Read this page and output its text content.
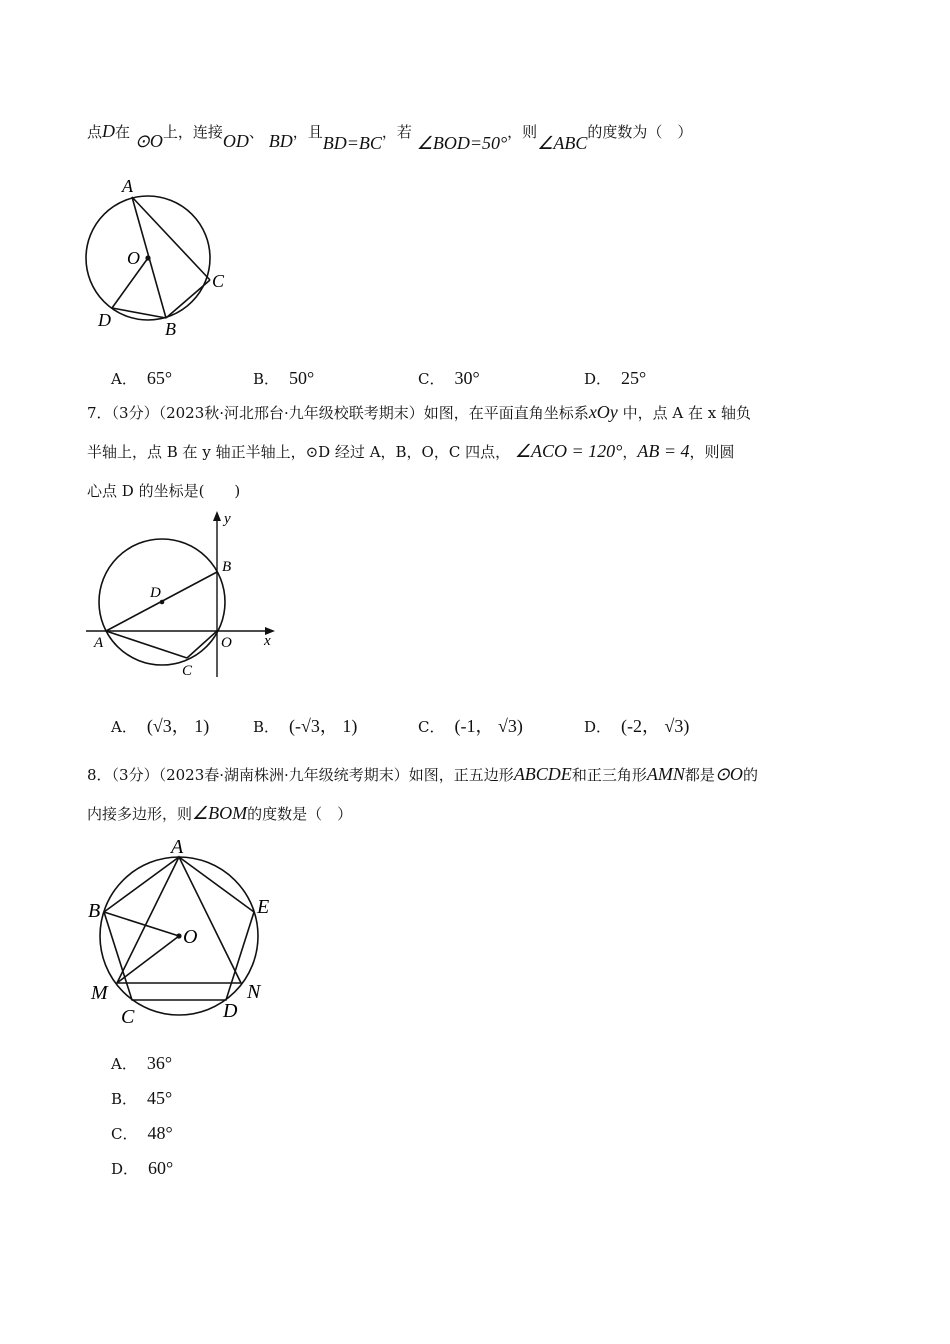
点D在 ⊙O上，连接OD、 BD，且BD=BC，若 ∠BOD=50°，则∠ABC的度数为（　）
A
O
C
D	B
A． 65°	B． 50°	C． 30°	D． 25°
7．（3分）（2023秋·河北邢台·九年级校联考期末）如图，在平面直角坐标系xOy 中，点 A 在 x 轴负
半轴上，点 B 在 y 轴正半轴上，⊙D 经过 A，B，O，C 四点， ∠ACO = 120°，AB = 4，则圆
心点 D 的坐标是(　　)
y
x
B
D
A	O
C
A． (√3， 1)	B． (-√3， 1)	C． (-1， √3)	D． (-2， √3)
8．（3分）（2023春·湖南株洲·九年级统考期末）如图，正五边形ABCDE和正三角形AMN都是⊙O的
内接多边形，则∠BOM的度数是（　）
A
B	E
O
M	N
C	D
A． 36°
B． 45°
C． 48°
D． 60°
